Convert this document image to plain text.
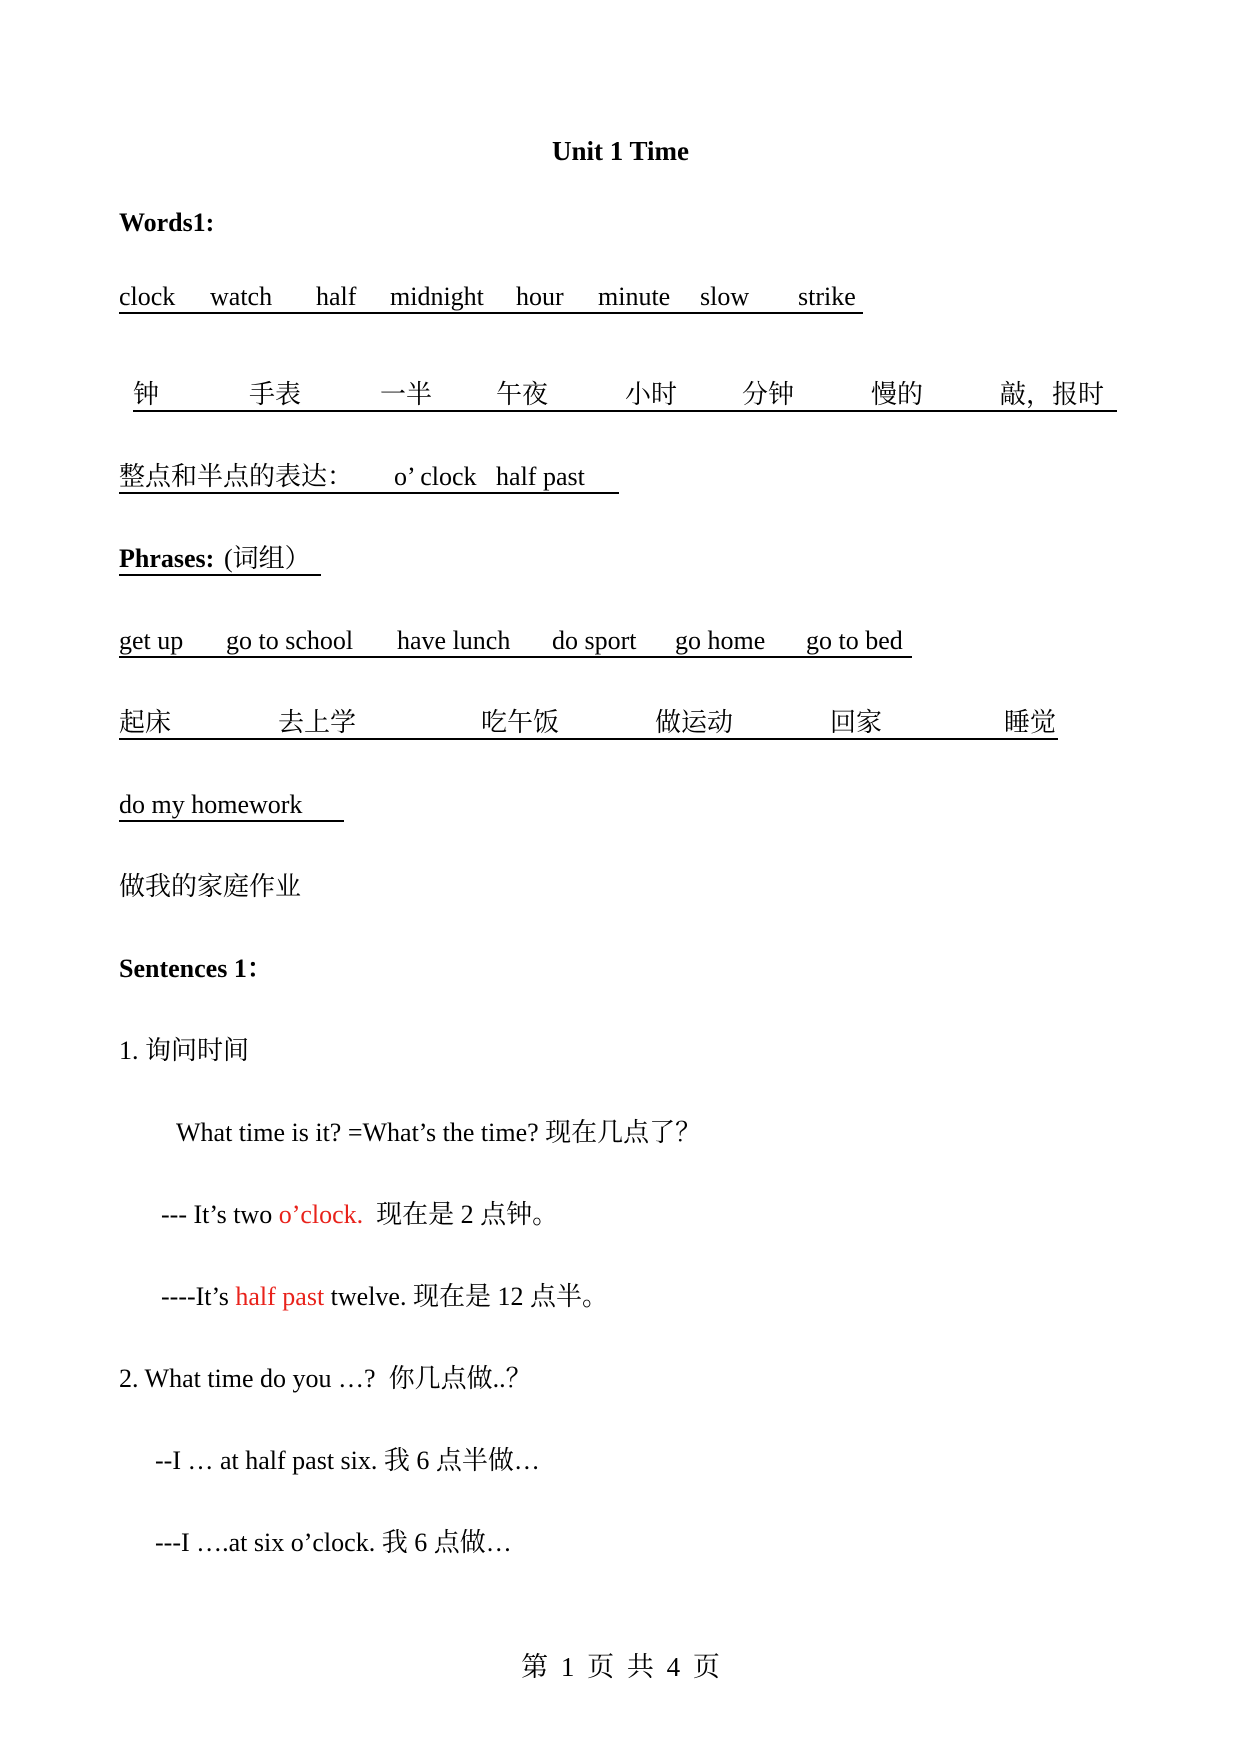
Unit 1 Time
Words1:
clock watch half midnight hour minute slow strike
钟	手表	一半 午夜	小时 分钟	慢的	敲，报时
整点和半点的表达： o’ clock   half past
Phrases: (词组）
get up go to school have lunch do sport go home go to bed
起床	去上学	吃午饭	做运动	回家	睡觉
do my homework
做我的家庭作业
Sentences 1：
1. 询问时间
What time is it? =What’s the time? 现在几点了？
--- It’s two o’clock.  现在是 2 点钟。
----It’s half past twelve. 现在是 12 点半。
2. What time do you …?  你几点做..？
--I … at half past six. 我 6 点半做…
---I ….at six o’clock. 我 6 点做…
第 1 页 共 4 页
